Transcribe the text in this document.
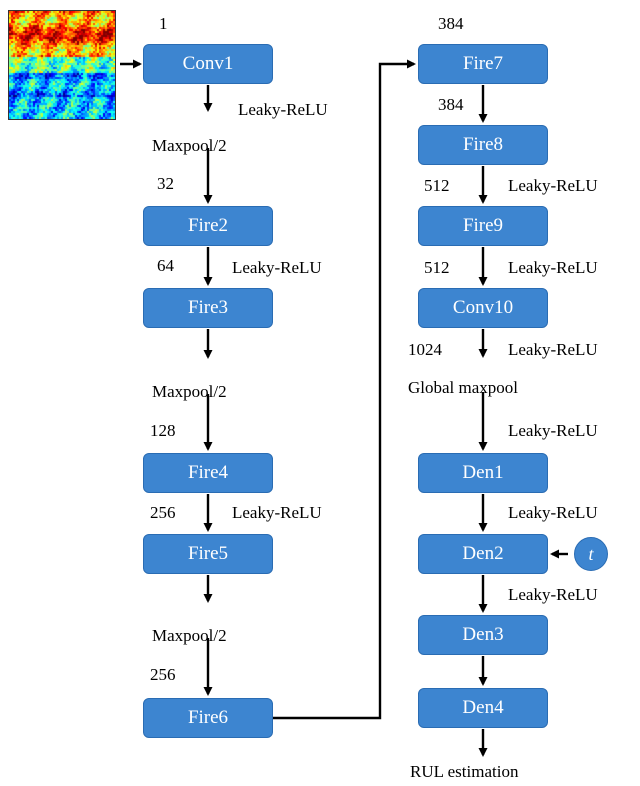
Conv1
Fire2
Fire3
Fire4
Fire5
Fire6
Fire7
Fire8
Fire9
Conv10
Den1
Den2
Den3
Den4
t
1
Leaky-ReLU
Maxpool/2
32
64	Leaky-ReLU
Maxpool/2
128
256	Leaky-ReLU
Maxpool/2
256
384
384
512	Leaky-ReLU
512	Leaky-ReLU
1024	Leaky-ReLU
Global maxpool
Leaky-ReLU
Leaky-ReLU
Leaky-ReLU
RUL estimation
